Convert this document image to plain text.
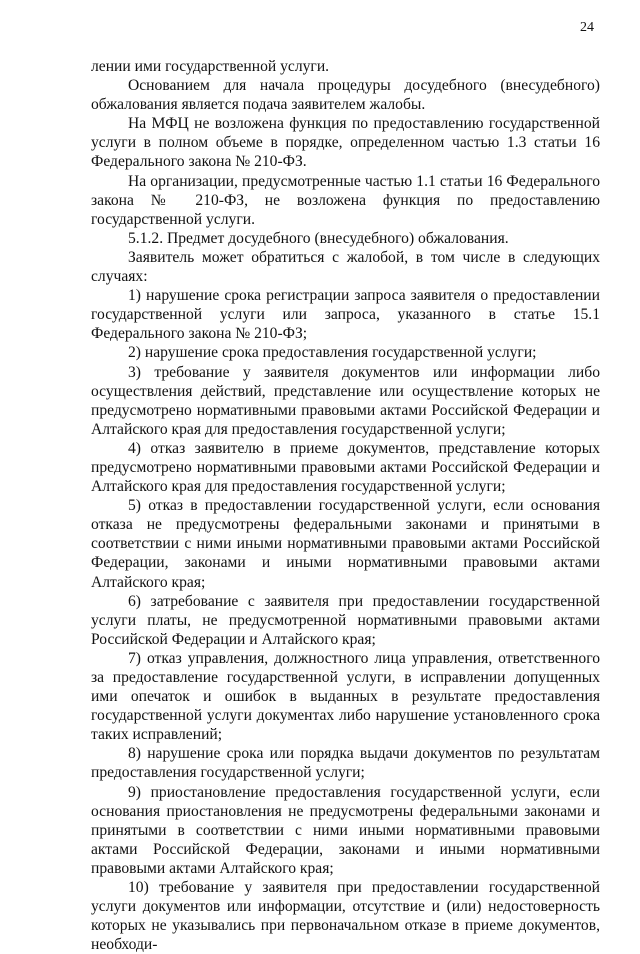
24

лении ими государственной услуги.

Основанием для начала процедуры досудебного (внесудебного) обжалования является подача заявителем жалобы.

На МФЦ не возложена функция по предоставлению государственной услуги в полном объеме в порядке, определенном частью 1.3 статьи 16 Федерального закона № 210-ФЗ.

На организации, предусмотренные частью 1.1 статьи 16 Федерального закона № 210-ФЗ, не возложена функция по предоставлению государственной услуги.

5.1.2. Предмет досудебного (внесудебного) обжалования.

Заявитель может обратиться с жалобой, в том числе в следующих случаях:

1) нарушение срока регистрации запроса заявителя о предоставлении государственной услуги или запроса, указанного в статье 15.1 Федерального закона № 210-ФЗ;

2) нарушение срока предоставления государственной услуги;

3) требование у заявителя документов или информации либо осуществления действий, представление или осуществление которых не предусмотрено нормативными правовыми актами Российской Федерации и Алтайского края для предоставления государственной услуги;

4) отказ заявителю в приеме документов, представление которых предусмотрено нормативными правовыми актами Российской Федерации и Алтайского края для предоставления государственной услуги;

5) отказ в предоставлении государственной услуги, если основания отказа не предусмотрены федеральными законами и принятыми в соответствии с ними иными нормативными правовыми актами Российской Федерации, законами и иными нормативными правовыми актами Алтайского края;

6) затребование с заявителя при предоставлении государственной услуги платы, не предусмотренной нормативными правовыми актами Российской Федерации и Алтайского края;

7) отказ управления, должностного лица управления, ответственного за предоставление государственной услуги, в исправлении допущенных ими опечаток и ошибок в выданных в результате предоставления государственной услуги документах либо нарушение установленного срока таких исправлений;

8) нарушение срока или порядка выдачи документов по результатам предоставления государственной услуги;

9) приостановление предоставления государственной услуги, если основания приостановления не предусмотрены федеральными законами и принятыми в соответствии с ними иными нормативными правовыми актами Российской Федерации, законами и иными нормативными правовыми актами Алтайского края;

10) требование у заявителя при предоставлении государственной услуги документов или информации, отсутствие и (или) недостоверность которых не указывались при первоначальном отказе в приеме документов, необходи-
